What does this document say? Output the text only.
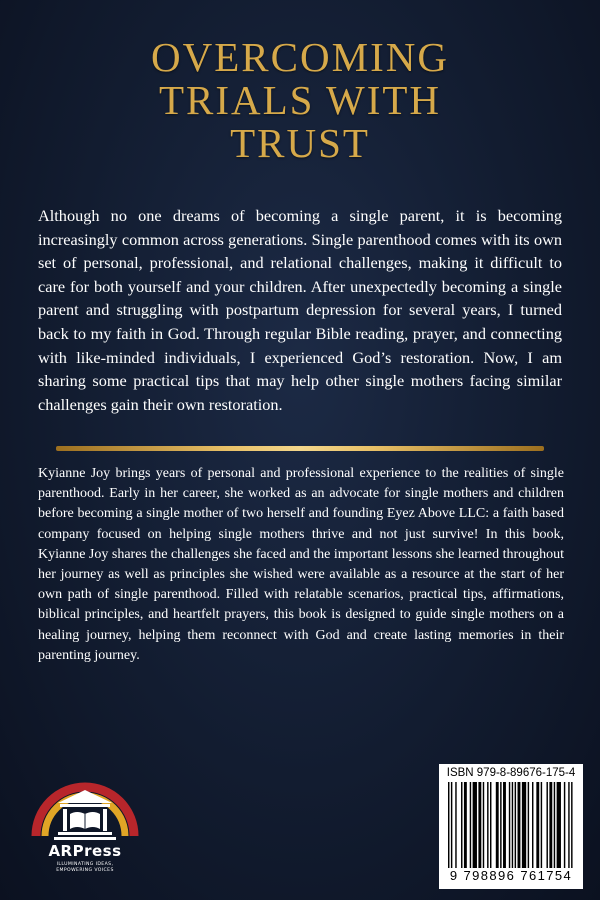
OVERCOMING
TRIALS WITH
TRUST

Although no one dreams of becoming a single parent, it is becoming increasingly common across generations. Single parenthood comes with its own set of personal, professional, and relational challenges, making it difficult to care for both yourself and your children. After unexpectedly becoming a single parent and struggling with postpartum depression for several years, I turned back to my faith in God. Through regular Bible reading, prayer, and connecting with like-minded individuals, I experienced God’s restoration. Now, I am sharing some practical tips that may help other single mothers facing similar challenges gain their own restoration.

Kyianne Joy brings years of personal and professional experience to the realities of single parenthood. Early in her career, she worked as an advocate for single mothers and children before becoming a single mother of two herself and founding Eyez Above LLC: a faith based company focused on helping single mothers thrive and not just survive! In this book, Kyianne Joy shares the challenges she faced and the important lessons she learned throughout her journey as well as principles she wished were available as a resource at the start of her own path of single parenthood. Filled with relatable scenarios, practical tips, affirmations, biblical principles, and heartfelt prayers, this book is designed to guide single mothers on a healing journey, helping them reconnect with God and create lasting memories in their parenting journey.

ARPress
ILLUMINATING IDEAS,
EMPOWERING VOICES
ISBN 979-8-89676-175-4
9 798896 761754
